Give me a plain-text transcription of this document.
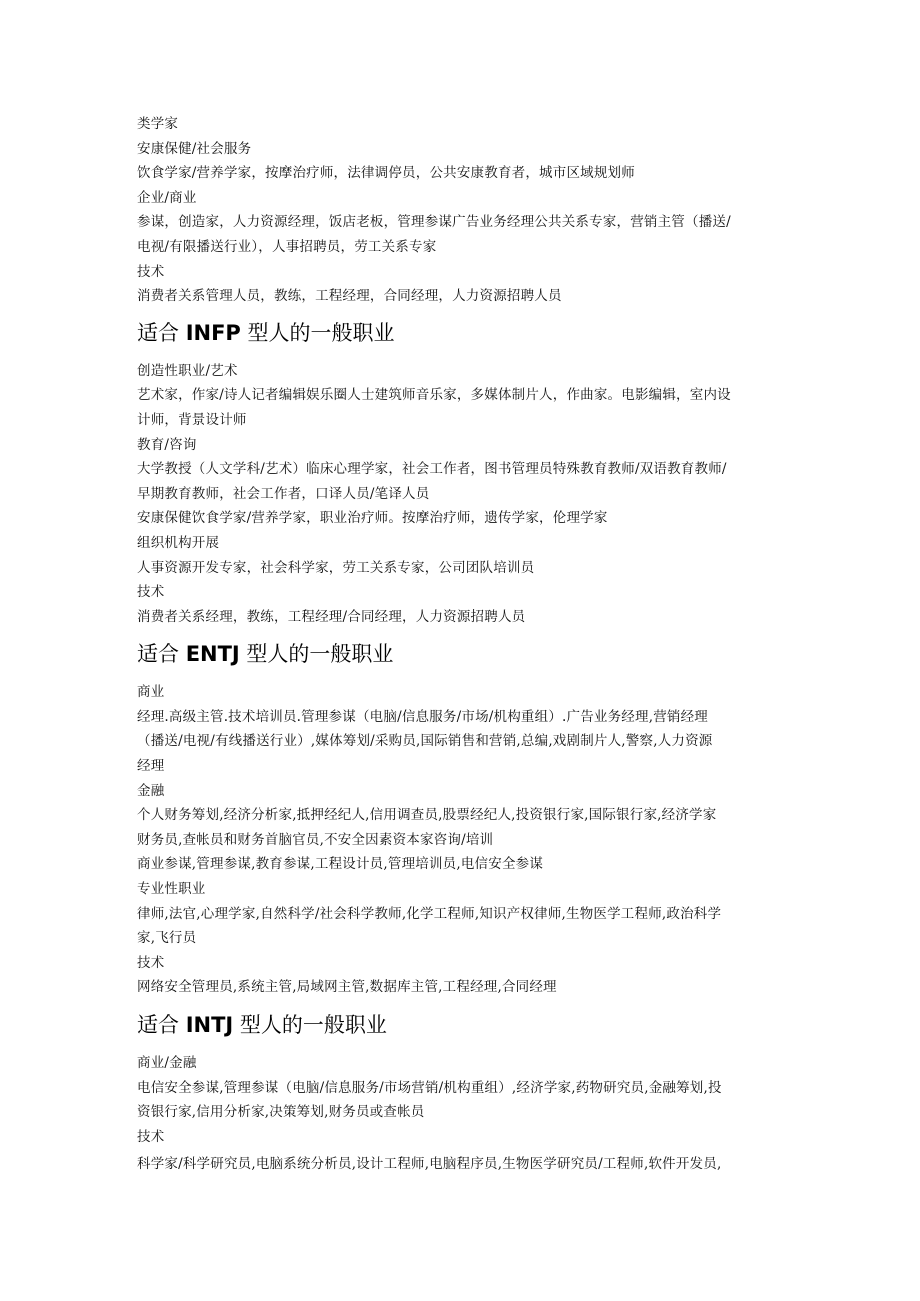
类学家
安康保健/社会服务
饮食学家/营养学家，按摩治疗师，法律调停员，公共安康教育者，城市区域规划师
企业/商业
参谋，创造家，人力资源经理，饭店老板，管理参谋广告业务经理公共关系专家，营销主管（播送/
电视/有限播送行业），人事招聘员，劳工关系专家
技术
消费者关系管理人员，教练，工程经理，合同经理，人力资源招聘人员
适合 INFP 型人的一般职业
创造性职业/艺术
艺术家，作家/诗人记者编辑娱乐圈人士建筑师音乐家，多媒体制片人，作曲家。电影编辑，室内设
计师，背景设计师
教育/咨询
大学教授（人文学科/艺术）临床心理学家，社会工作者，图书管理员特殊教育教师/双语教育教师/
早期教育教师，社会工作者，口译人员/笔译人员
安康保健饮食学家/营养学家，职业治疗师。按摩治疗师，遗传学家，伦理学家
组织机构开展
人事资源开发专家，社会科学家，劳工关系专家，公司团队培训员
技术
消费者关系经理，教练，工程经理/合同经理，人力资源招聘人员
适合 ENTJ 型人的一般职业
商业
经理.高级主管.技术培训员.管理参谋（电脑/信息服务/市场/机构重组）.广告业务经理,营销经理
（播送/电视/有线播送行业）,媒体筹划/采购员,国际销售和营销,总编,戏剧制片人,警察,人力资源
经理
金融
个人财务筹划,经济分析家,抵押经纪人,信用调查员,股票经纪人,投资银行家,国际银行家,经济学家
财务员,查帐员和财务首脑官员,不安全因素资本家咨询/培训
商业参谋,管理参谋,教育参谋,工程设计员,管理培训员,电信安全参谋
专业性职业
律师,法官,心理学家,自然科学/社会科学教师,化学工程师,知识产权律师,生物医学工程师,政治科学
家,飞行员
技术
网络安全管理员,系统主管,局域网主管,数据库主管,工程经理,合同经理
适合 INTJ 型人的一般职业
商业/金融
电信安全参谋,管理参谋（电脑/信息服务/市场营销/机构重组）,经济学家,药物研究员,金融筹划,投
资银行家,信用分析家,决策筹划,财务员或查帐员
技术
科学家/科学研究员,电脑系统分析员,设计工程师,电脑程序员,生物医学研究员/工程师,软件开发员,
